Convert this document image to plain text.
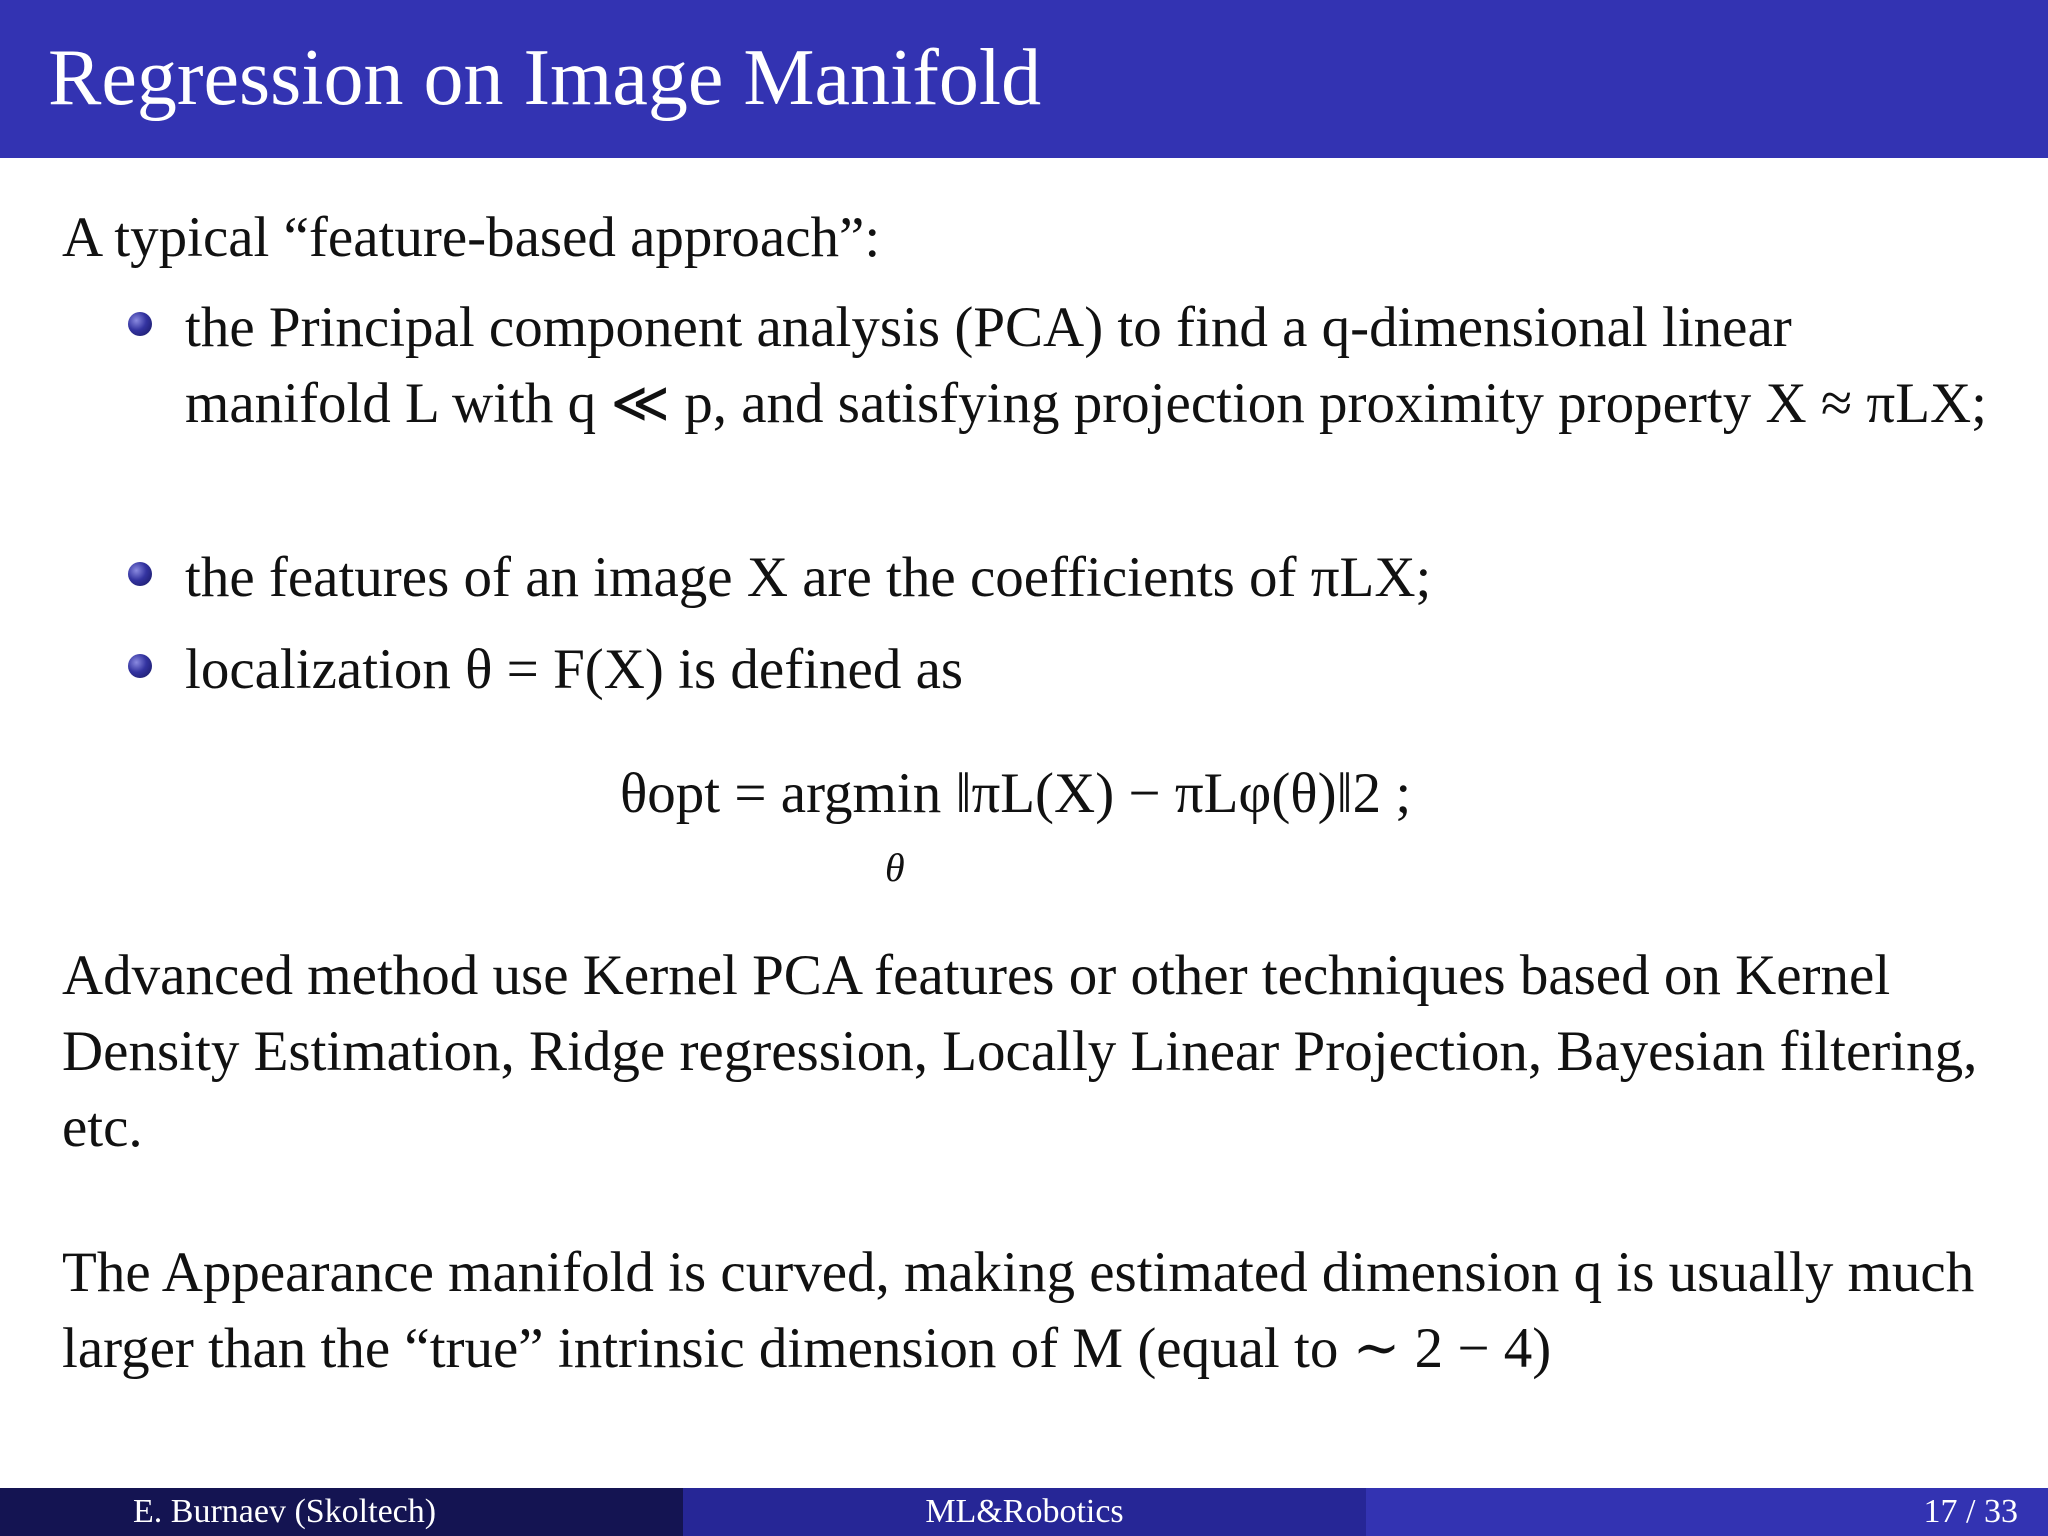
Regression on Image Manifold
A typical “feature-based approach”:
the Principal component analysis (PCA) to find a q-dimensional linear manifold L with q ≪ p, and satisfying projection proximity property X ≈ πLX;
the features of an image X are the coefficients of πLX;
localization θ = F(X) is defined as
θopt = argmin ‖πL(X) − πLφ(θ)‖2 ;
θ
Advanced method use Kernel PCA features or other techniques based on Kernel Density Estimation, Ridge regression, Locally Linear Projection, Bayesian filtering, etc.
The Appearance manifold is curved, making estimated dimension q is usually much larger than the “true” intrinsic dimension of M (equal to ∼ 2 − 4)
E. Burnaev (Skoltech)	ML&Robotics	17 / 33
